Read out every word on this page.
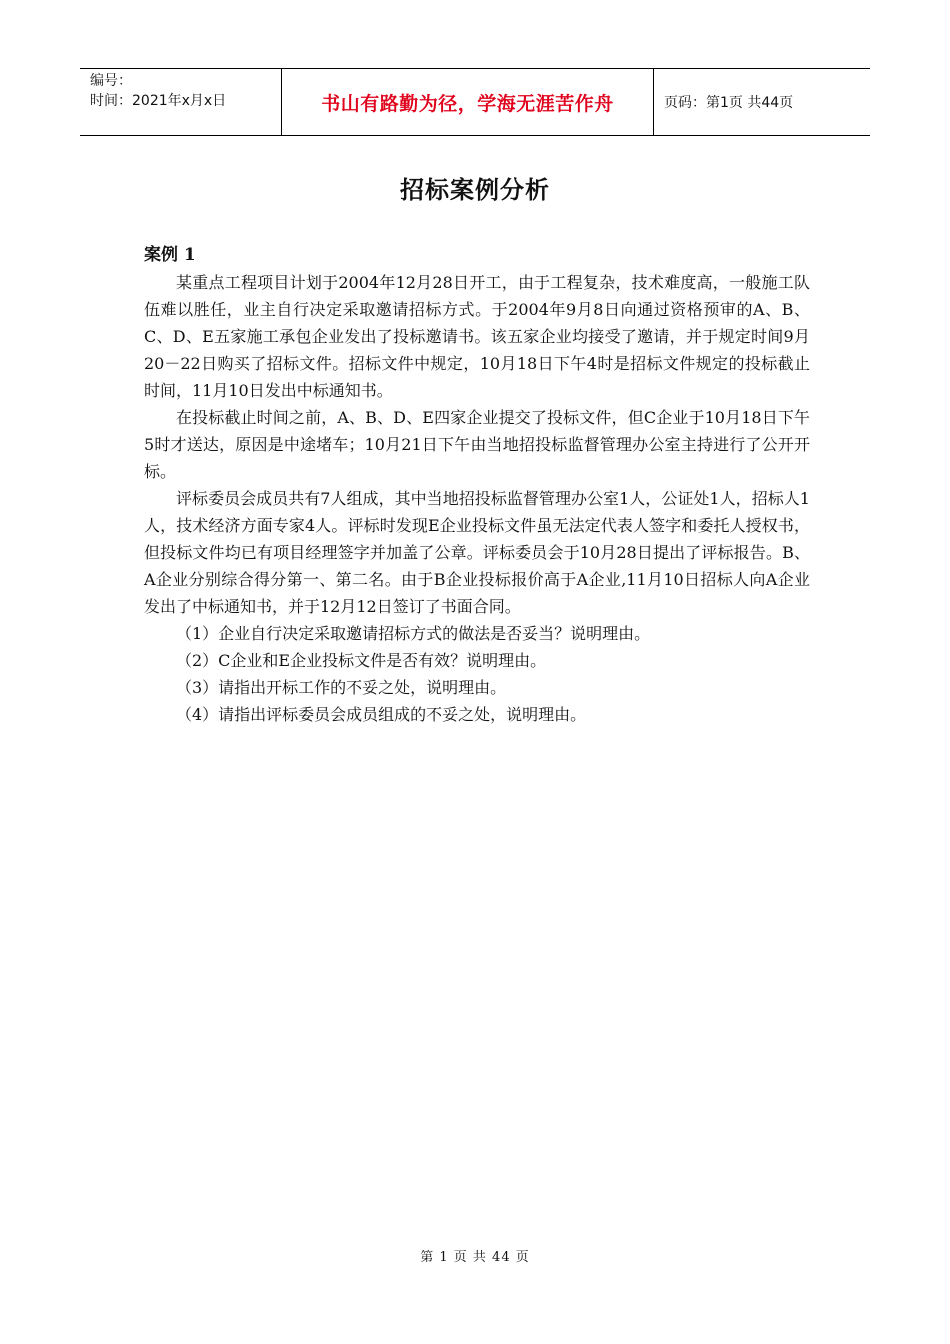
编号：
时间：2021年x月x日	书山有路勤为径，学海无涯苦作舟	页码：第1页 共44页
招标案例分析

案例 1

某重点工程项目计划于2004年12月28日开工，由于工程复杂，技术难度高，一般施工队伍难以胜任，业主自行决定采取邀请招标方式。于2004年9月8日向通过资格预审的A、B、C、D、E五家施工承包企业发出了投标邀请书。该五家企业均接受了邀请，并于规定时间9月20－22日购买了招标文件。招标文件中规定，10月18日下午4时是招标文件规定的投标截止时间，11月10日发出中标通知书。

在投标截止时间之前，A、B、D、E四家企业提交了投标文件，但C企业于10月18日下午5时才送达，原因是中途堵车；10月21日下午由当地招投标监督管理办公室主持进行了公开开标。

评标委员会成员共有7人组成，其中当地招投标监督管理办公室1人，公证处1人，招标人1人，技术经济方面专家4人。评标时发现E企业投标文件虽无法定代表人签字和委托人授权书，但投标文件均已有项目经理签字并加盖了公章。评标委员会于10月28日提出了评标报告。B、A企业分别综合得分第一、第二名。由于B企业投标报价高于A企业,11月10日招标人向A企业发出了中标通知书，并于12月12日签订了书面合同。

（1）企业自行决定采取邀请招标方式的做法是否妥当？说明理由。

（2）C企业和E企业投标文件是否有效？说明理由。

（3）请指出开标工作的不妥之处，说明理由。

（4）请指出评标委员会成员组成的不妥之处，说明理由。

第 1 页 共 44 页
